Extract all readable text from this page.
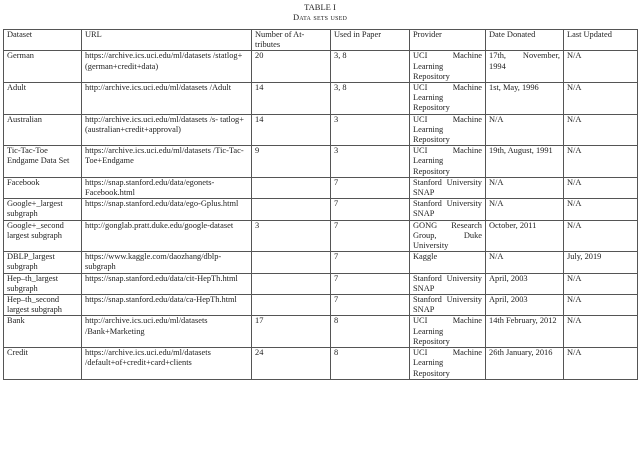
TABLE I
Data sets used
Dataset	URL	Number of At- tributes	Used in Paper	Provider	Date Donated	Last Updated
German	https://archive.ics.uci.edu/ml/datasets /statlog+(german+credit+data)	20	3, 8	UCI Machine Learning Repository	17th, November, 1994	N/A
Adult	http://archive.ics.uci.edu/ml/datasets /Adult	14	3, 8	UCI Machine Learning Repository	1st, May, 1996	N/A
Australian	http://archive.ics.uci.edu/ml/datasets /s- tatlog+(australian+credit+approval)	14	3	UCI Machine Learning Repository	N/A	N/A
Tic-Tac-Toe Endgame Data Set	https://archive.ics.uci.edu/ml/datasets /Tic-Tac-Toe+Endgame	9	3	UCI Machine Learning Repository	19th, August, 1991	N/A
Facebook	https://snap.stanford.edu/data/egonets-Facebook.html		7	Stanford University SNAP	N/A	N/A
Google+_largest subgraph	https://snap.stanford.edu/data/ego-Gplus.html		7	Stanford University SNAP	N/A	N/A
Google+_second largest subgraph	http://gonglab.pratt.duke.edu/google-dataset	3	7	GONG Research Group, Duke University	October, 2011	N/A
DBLP_largest subgraph	https://www.kaggle.com/daozhang/dblp-subgraph		7	Kaggle	N/A	July, 2019
Hep–th_largest subgraph	https://snap.stanford.edu/data/cit-HepTh.html		7	Stanford University SNAP	April, 2003	N/A
Hep–th_second largest subgraph	https://snap.stanford.edu/data/ca-HepTh.html		7	Stanford University SNAP	April, 2003	N/A
Bank	http://archive.ics.uci.edu/ml/datasets /Bank+Marketing	17	8	UCI Machine Learning Repository	14th February, 2012	N/A
Credit	https://archive.ics.uci.edu/ml/datasets /default+of+credit+card+clients	24	8	UCI Machine Learning Repository	26th January, 2016	N/A
